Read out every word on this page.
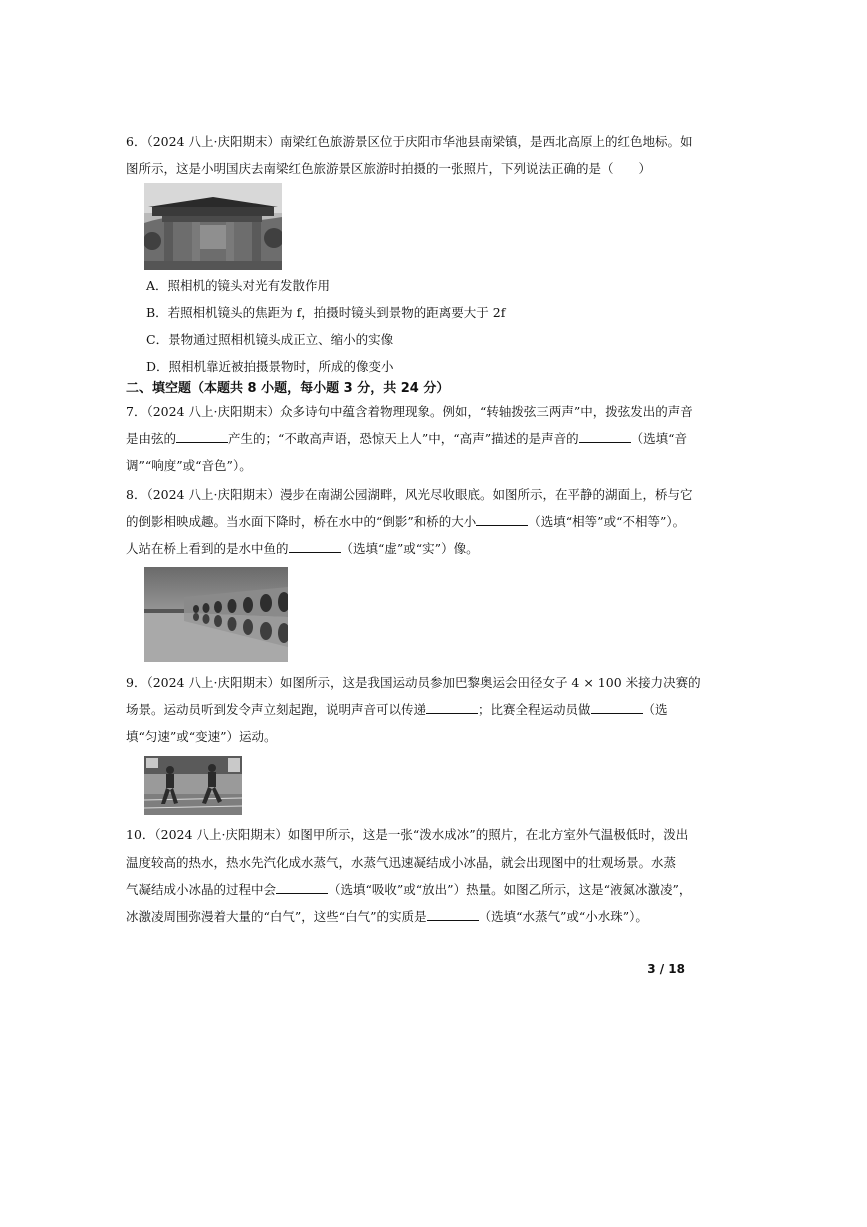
6．（2024 八上·庆阳期末）南梁红色旅游景区位于庆阳市华池县南梁镇，是西北高原上的红色地标。如
图所示，这是小明国庆去南梁红色旅游景区旅游时拍摄的一张照片，下列说法正确的是（　　）
A．照相机的镜头对光有发散作用
B．若照相机镜头的焦距为 f，拍摄时镜头到景物的距离要大于 2f
C．景物通过照相机镜头成正立、缩小的实像
D．照相机靠近被拍摄景物时，所成的像变小
二、填空题（本题共 8 小题，每小题 3 分，共 24 分）
7．（2024 八上·庆阳期末）众多诗句中蕴含着物理现象。例如，“转轴拨弦三两声”中，拨弦发出的声音
是由弦的	产生的；“不敢高声语，恐惊天上人”中，“高声”描述的是声音的	（选填“音
调”“响度”或“音色”）。
8．（2024 八上·庆阳期末）漫步在南湖公园湖畔，风光尽收眼底。如图所示，在平静的湖面上，桥与它
的倒影相映成趣。当水面下降时，桥在水中的“倒影”和桥的大小	（选填“相等”或“不相等”）。
人站在桥上看到的是水中鱼的	（选填“虚”或“实”）像。
9．（2024 八上·庆阳期末）如图所示，这是我国运动员参加巴黎奥运会田径女子 4 × 100 米接力决赛的
场景。运动员听到发令声立刻起跑，说明声音可以传递	；比赛全程运动员做	（选
填“匀速”或“变速”）运动。
10．（2024 八上·庆阳期末）如图甲所示，这是一张“泼水成冰”的照片，在北方室外气温极低时，泼出
温度较高的热水，热水先汽化成水蒸气，水蒸气迅速凝结成小冰晶，就会出现图中的壮观场景。水蒸
气凝结成小冰晶的过程中会	（选填“吸收”或“放出”）热量。如图乙所示，这是“液氮冰激凌”，
冰激凌周围弥漫着大量的“白气”，这些“白气”的实质是	（选填“水蒸气”或“小水珠”）。
3 / 18
